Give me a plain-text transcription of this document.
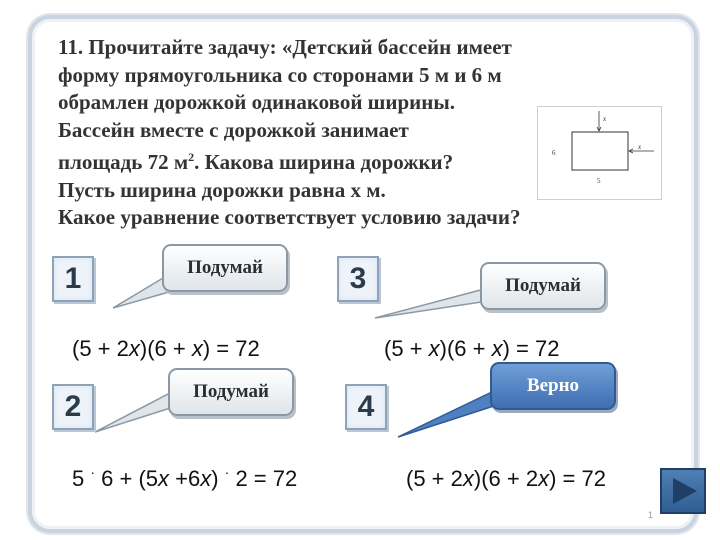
11. Прочитайте задачу: «Детский бассейн имеет
форму прямоугольника со сторонами 5 м и 6 м
обрамлен дорожкой одинаковой ширины.
Бассейн вместе с дорожкой занимает
площадь 72 $м^2$. Какова ширина дорожки?
Пусть ширина дорожки равна х м.
Какое уравнение соответствует условию задачи?
x
x
6
5
1	Подумай	3	Подумай
2	Подумай	4
Верно
(5 + 2x)(6 + x) = 72	(5 + x)(6 + x) = 72
5 · 6 + (5x +6x) · 2 = 72	(5 + 2x)(6 + 2x) = 72
1
